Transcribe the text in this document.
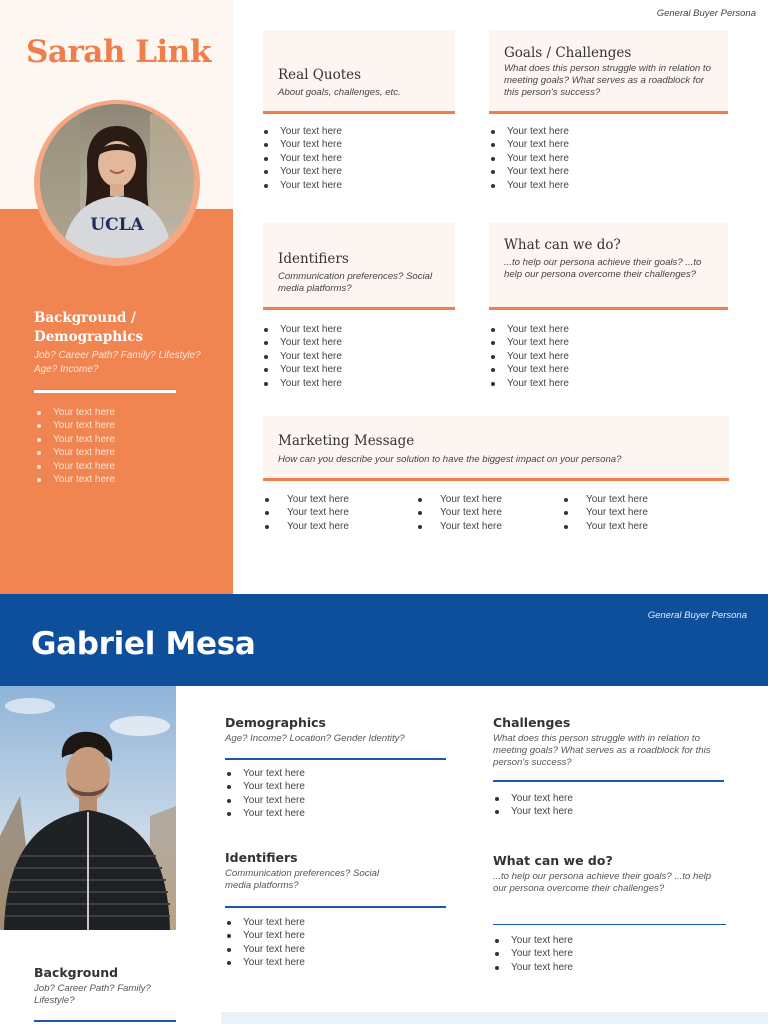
General Buyer Persona
Sarah Link
UCLA
Background / Demographics
Job? Career Path? Family? Lifestyle? Age? Income?
Your text here
Your text here
Your text here
Your text here
Your text here
Your text here
Real Quotes
About goals, challenges, etc.
Your text here
Your text here
Your text here
Your text here
Your text here
Goals / Challenges
What does this person struggle with in relation to meeting goals? What serves as a roadblock for this person's success?
Your text here
Your text here
Your text here
Your text here
Your text here
Identifiers
Communication preferences? Social media platforms?
Your text here
Your text here
Your text here
Your text here
Your text here
What can we do?
...to help our persona achieve their goals? ...to help our persona overcome their challenges?
Your text here
Your text here
Your text here
Your text here
Your text here
Marketing Message
How can you describe your solution to have the biggest impact on your persona?
Your text here
Your text here
Your text here
Your text here
Your text here
Your text here
Your text here
Your text here
Your text here
General Buyer Persona
Gabriel Mesa
Demographics
Age? Income? Location? Gender Identity?
Your text here
Your text here
Your text here
Your text here
Challenges
What does this person struggle with in relation to meeting goals? What serves as a roadblock for this person's success?
Your text here
Your text here
Identifiers
Communication preferences? Social media platforms?
Your text here
Your text here
Your text here
Your text here
What can we do?
...to help our persona achieve their goals? ...to help our persona overcome their challenges?
Your text here
Your text here
Your text here
Background
Job? Career Path? Family? Lifestyle?
